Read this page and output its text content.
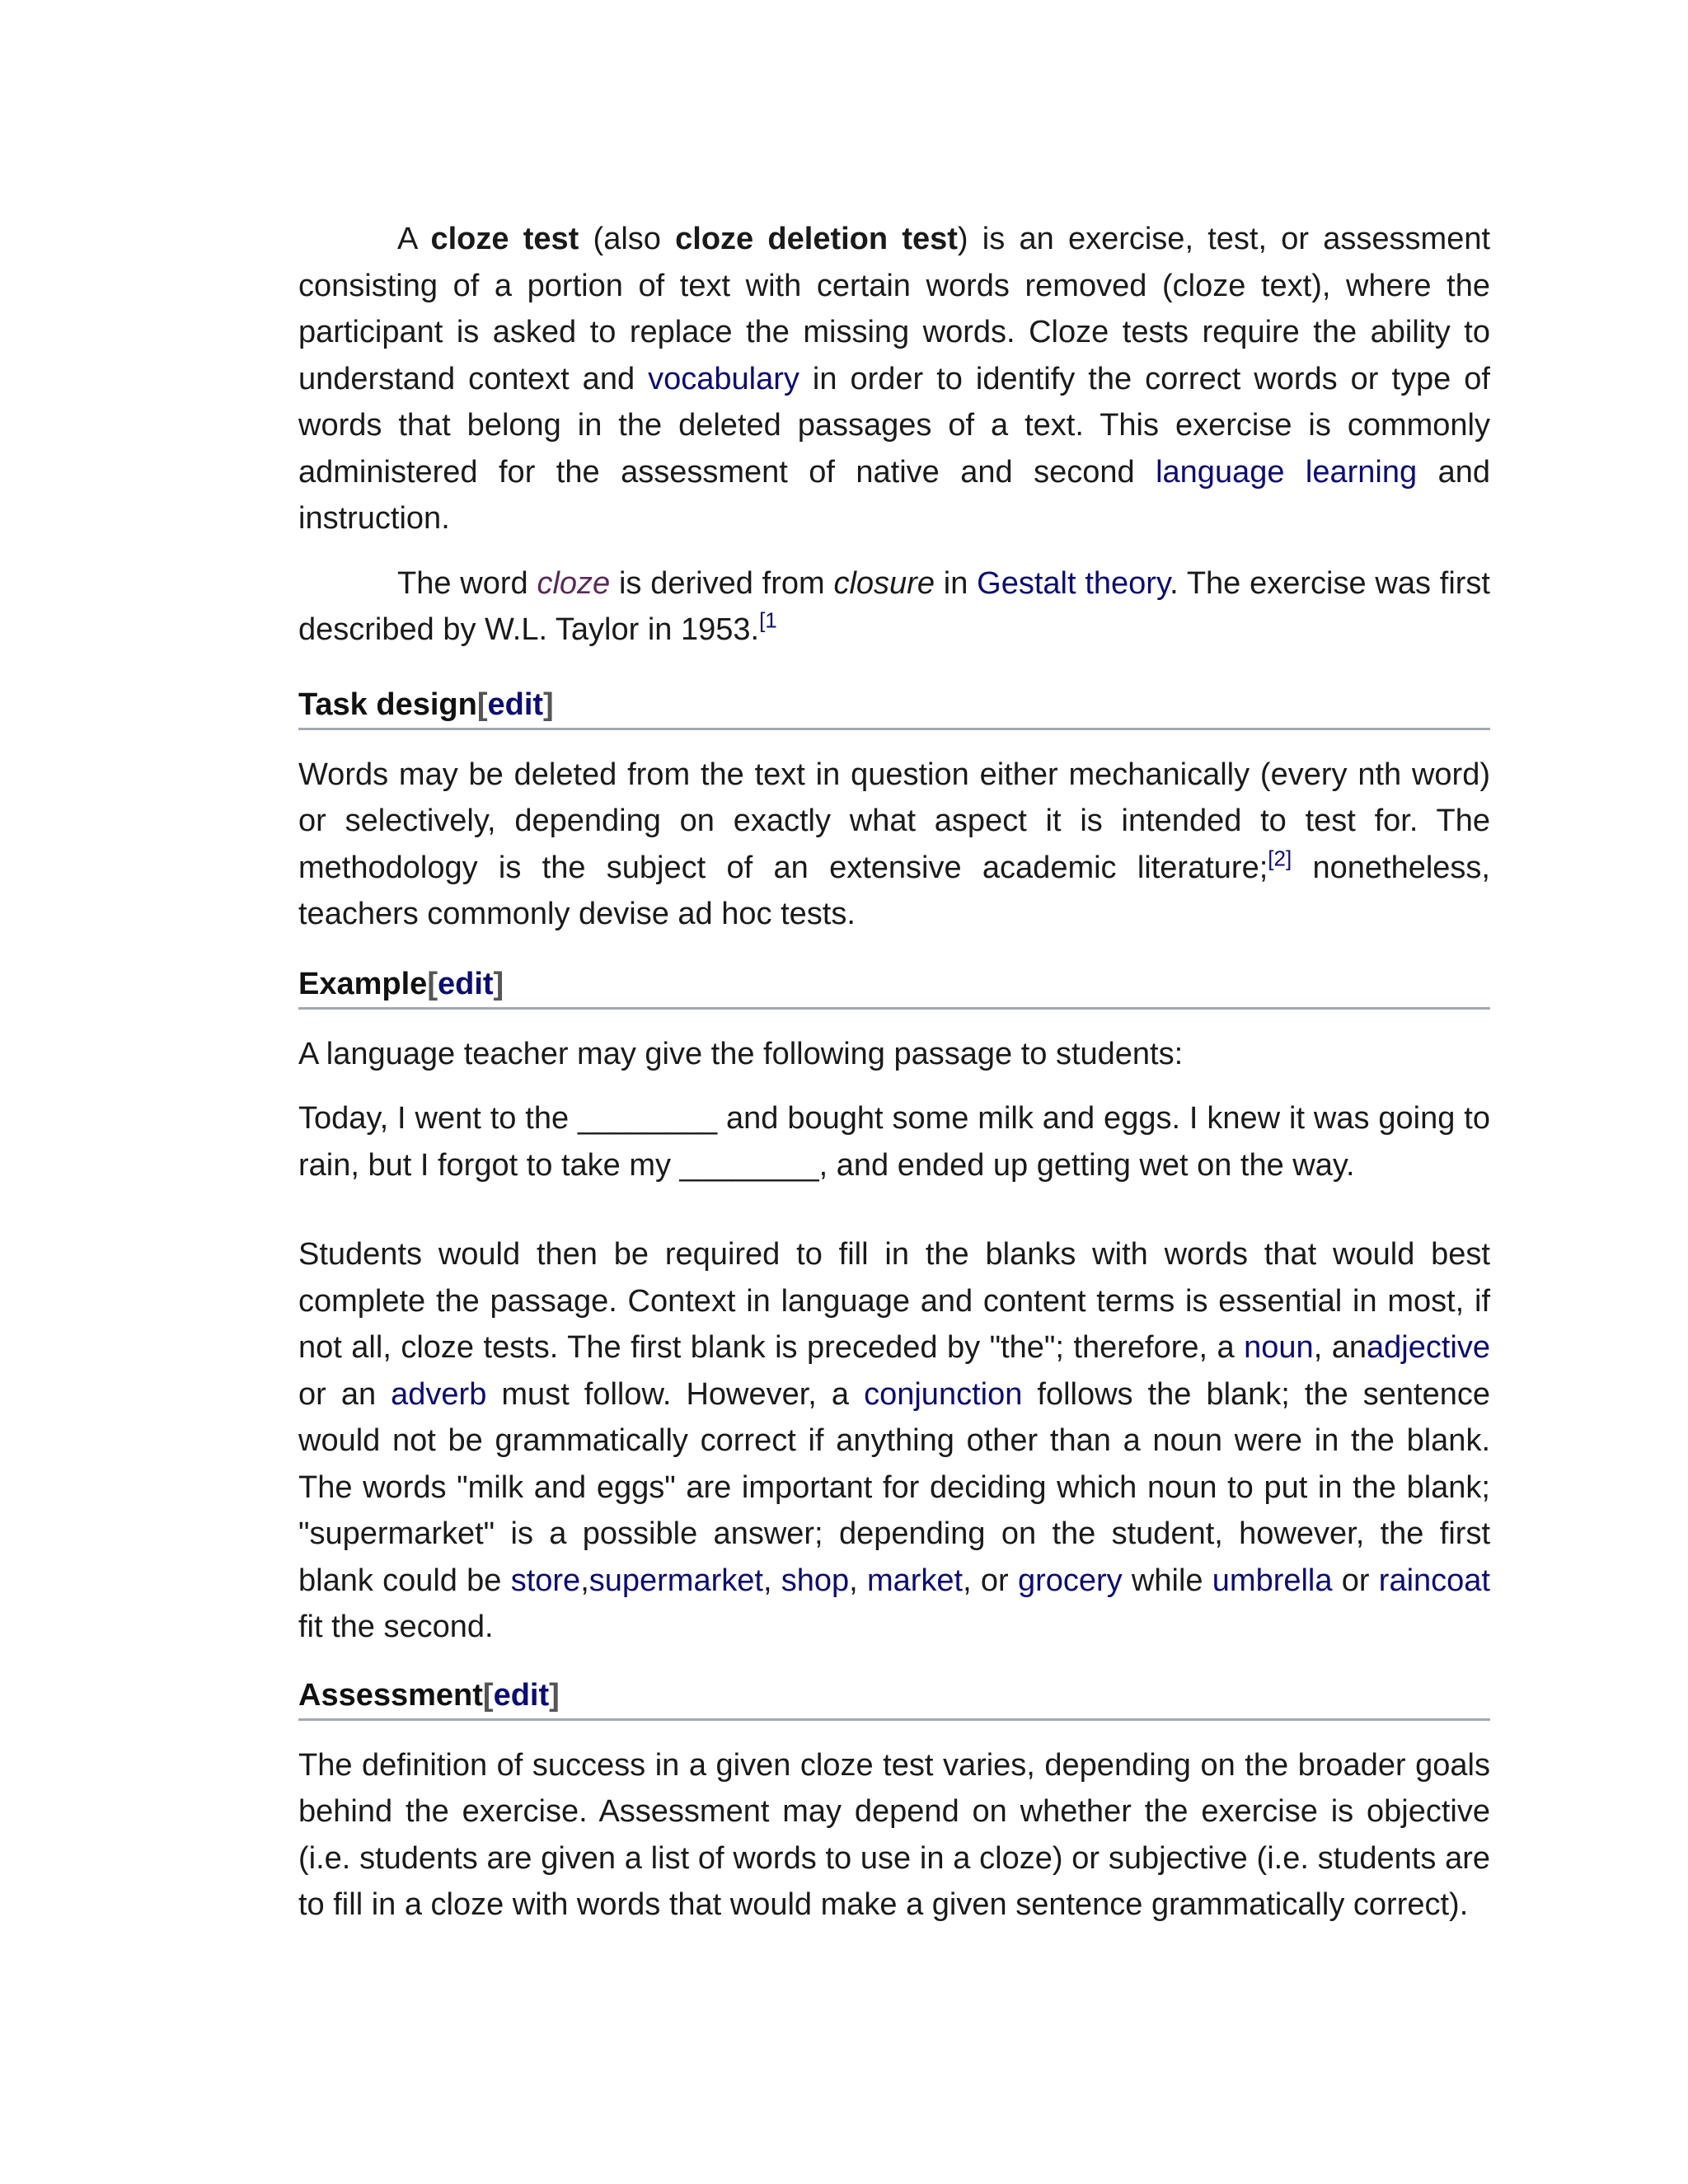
A cloze test (also cloze deletion test) is an exercise, test, or assessment consisting of a portion of text with certain words removed (cloze text), where the participant is asked to replace the missing words. Cloze tests require the ability to understand context and vocabulary in order to identify the correct words or type of words that belong in the deleted passages of a text. This exercise is commonly administered for the assessment of native and second language learning and instruction.

The word cloze is derived from closure in Gestalt theory. The exercise was first described by W.L. Taylor in 1953.$^{[1}$

Task design[edit]

Words may be deleted from the text in question either mechanically (every nth word) or selectively, depending on exactly what aspect it is intended to test for. The methodology is the subject of an extensive academic literature;[2] nonetheless, teachers commonly devise ad hoc tests.

Example[edit]

A language teacher may give the following passage to students:

Today, I went to the ________ and bought some milk and eggs. I knew it was going to rain, but I forgot to take my ________, and ended up getting wet on the way.

Students would then be required to fill in the blanks with words that would best complete the passage. Context in language and content terms is essential in most, if not all, cloze tests. The first blank is preceded by "the"; therefore, a noun, anadjective or an adverb must follow. However, a conjunction follows the blank; the sentence would not be grammatically correct if anything other than a noun were in the blank. The words "milk and eggs" are important for deciding which noun to put in the blank; "supermarket" is a possible answer; depending on the student, however, the first blank could be store,supermarket, shop, market, or grocery while umbrella or raincoat fit the second.

Assessment[edit]

The definition of success in a given cloze test varies, depending on the broader goals behind the exercise. Assessment may depend on whether the exercise is objective (i.e. students are given a list of words to use in a cloze) or subjective (i.e. students are to fill in a cloze with words that would make a given sentence grammatically correct).
